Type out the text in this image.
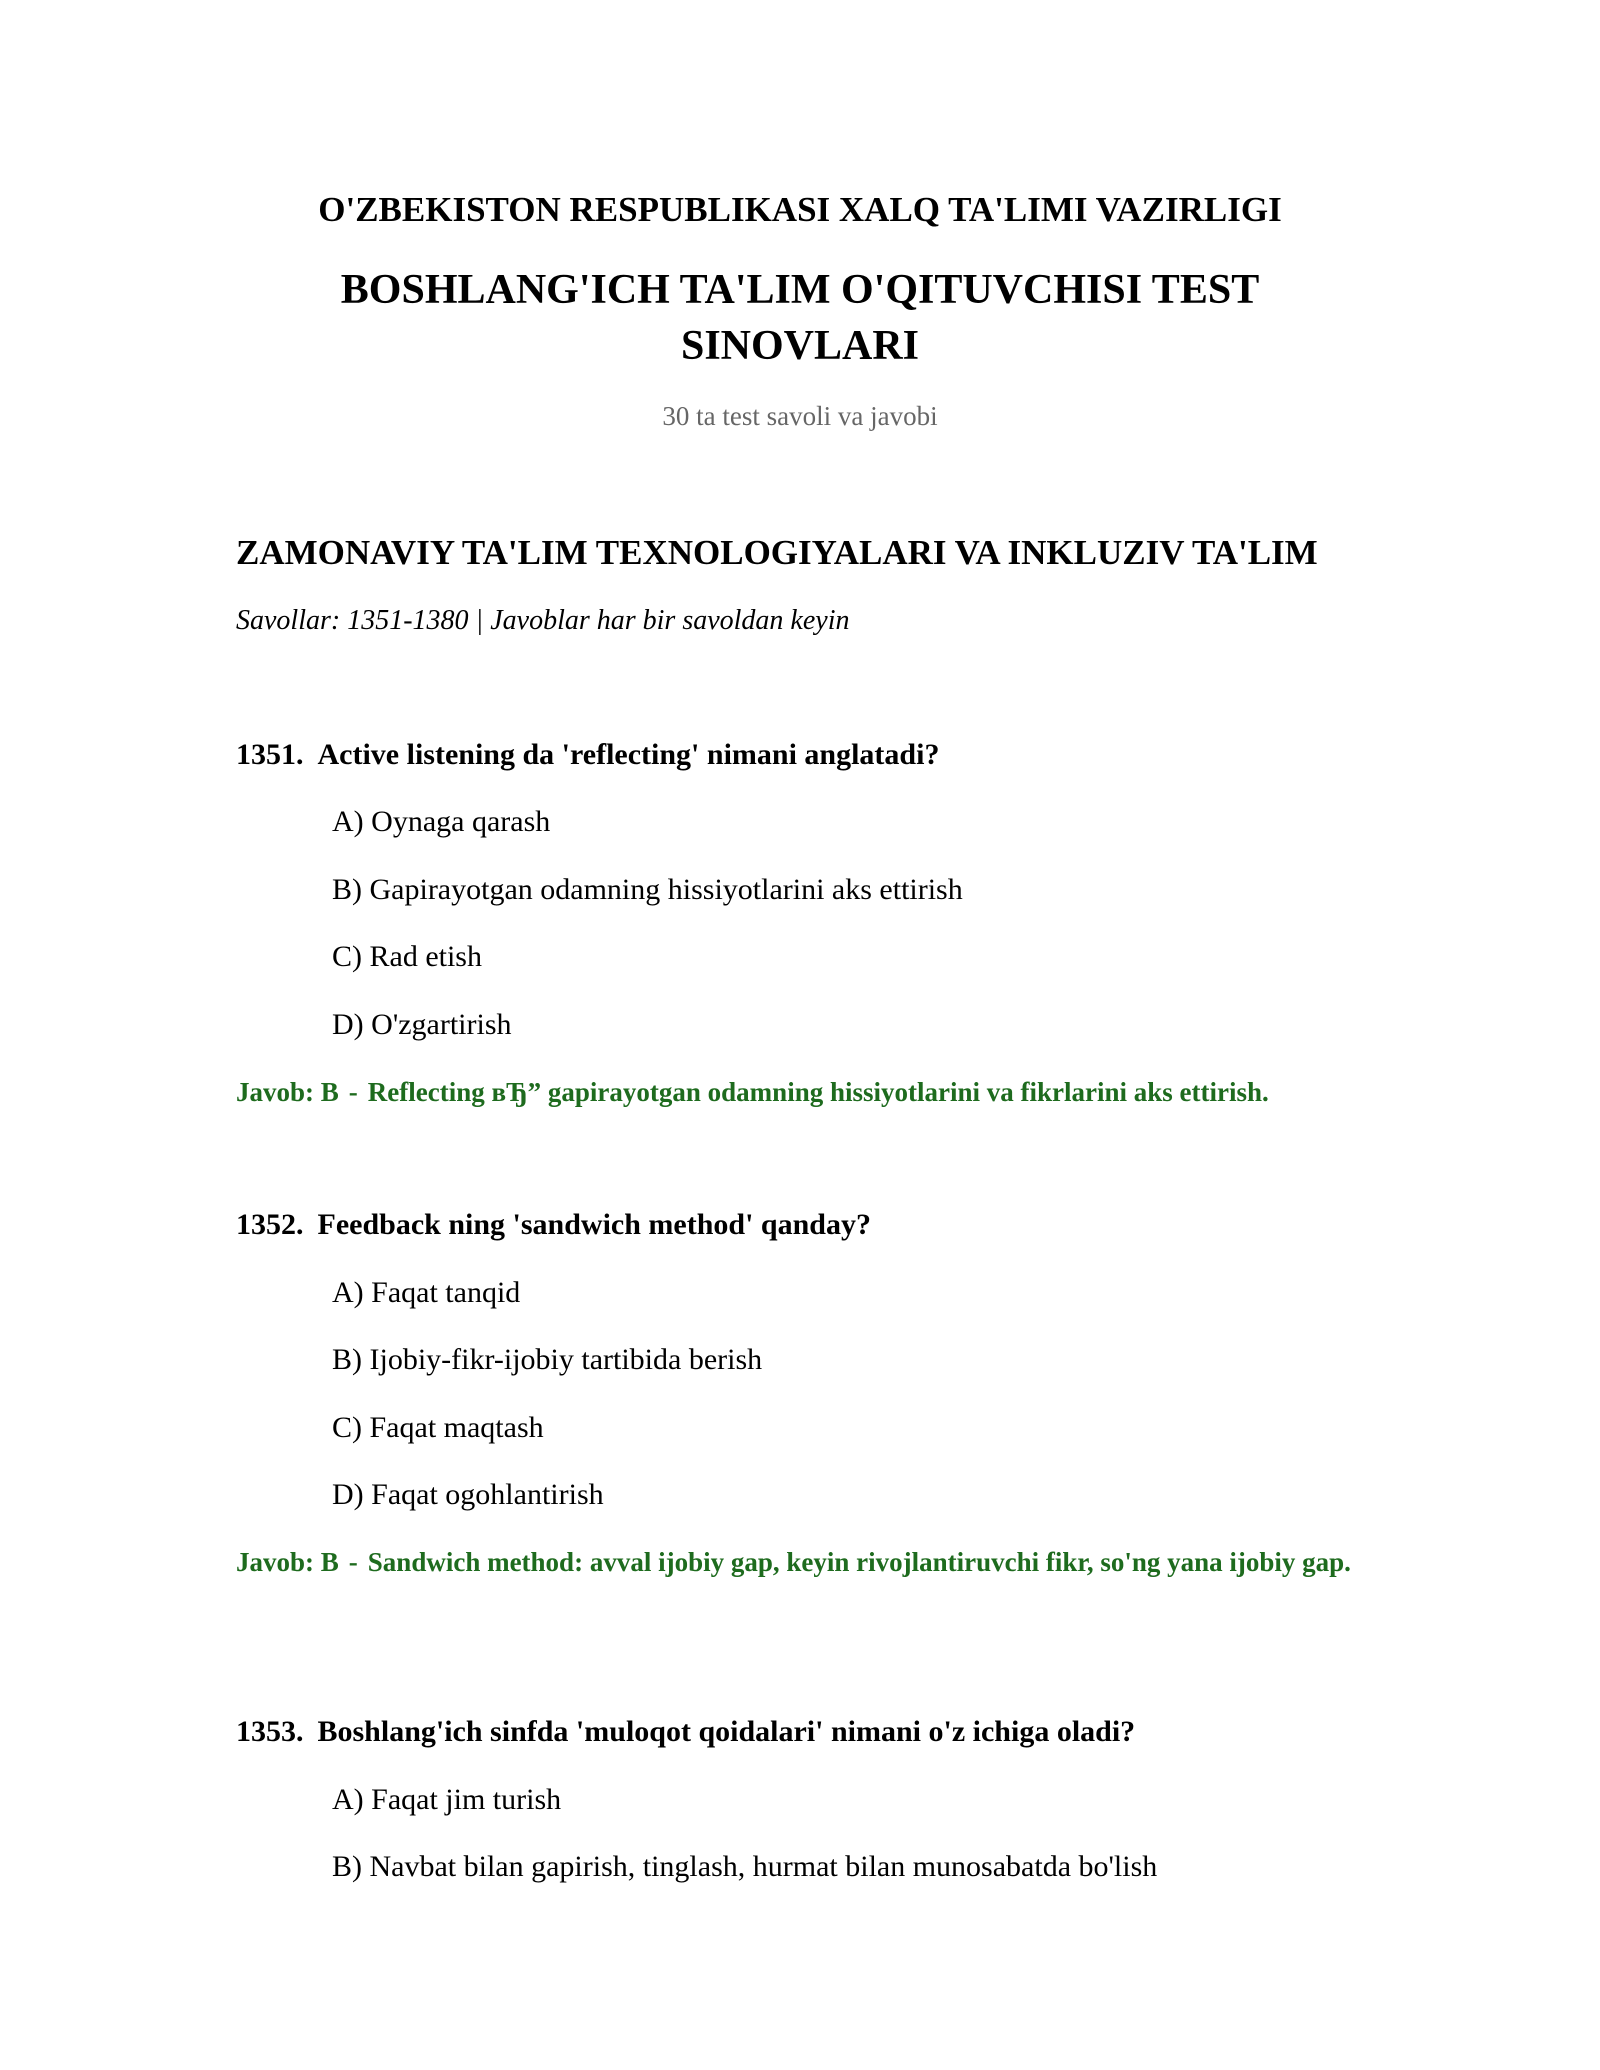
O'ZBEKISTON RESPUBLIKASI XALQ TA'LIMI VAZIRLIGI
BOSHLANG'ICH TA'LIM O'QITUVCHISI TEST
SINOVLARI
30 ta test savoli va javobi
ZAMONAVIY TA'LIM TEXNOLOGIYALARI VA INKLUZIV TA'LIM
Savollar: 1351-1380 | Javoblar har bir savoldan keyin
1351. Active listening da 'reflecting' nimani anglatadi?
A) Oynaga qarash
B) Gapirayotgan odamning hissiyotlarini aks ettirish
C) Rad etish
D) O'zgartirish
Javob: B - Reflecting вЂ” gapirayotgan odamning hissiyotlarini va fikrlarini aks ettirish.
1352. Feedback ning 'sandwich method' qanday?
A) Faqat tanqid
B) Ijobiy-fikr-ijobiy tartibida berish
C) Faqat maqtash
D) Faqat ogohlantirish
Javob: B - Sandwich method: avval ijobiy gap, keyin rivojlantiruvchi fikr, so'ng yana ijobiy gap.
1353. Boshlang'ich sinfda 'muloqot qoidalari' nimani o'z ichiga oladi?
A) Faqat jim turish
B) Navbat bilan gapirish, tinglash, hurmat bilan munosabatda bo'lish
